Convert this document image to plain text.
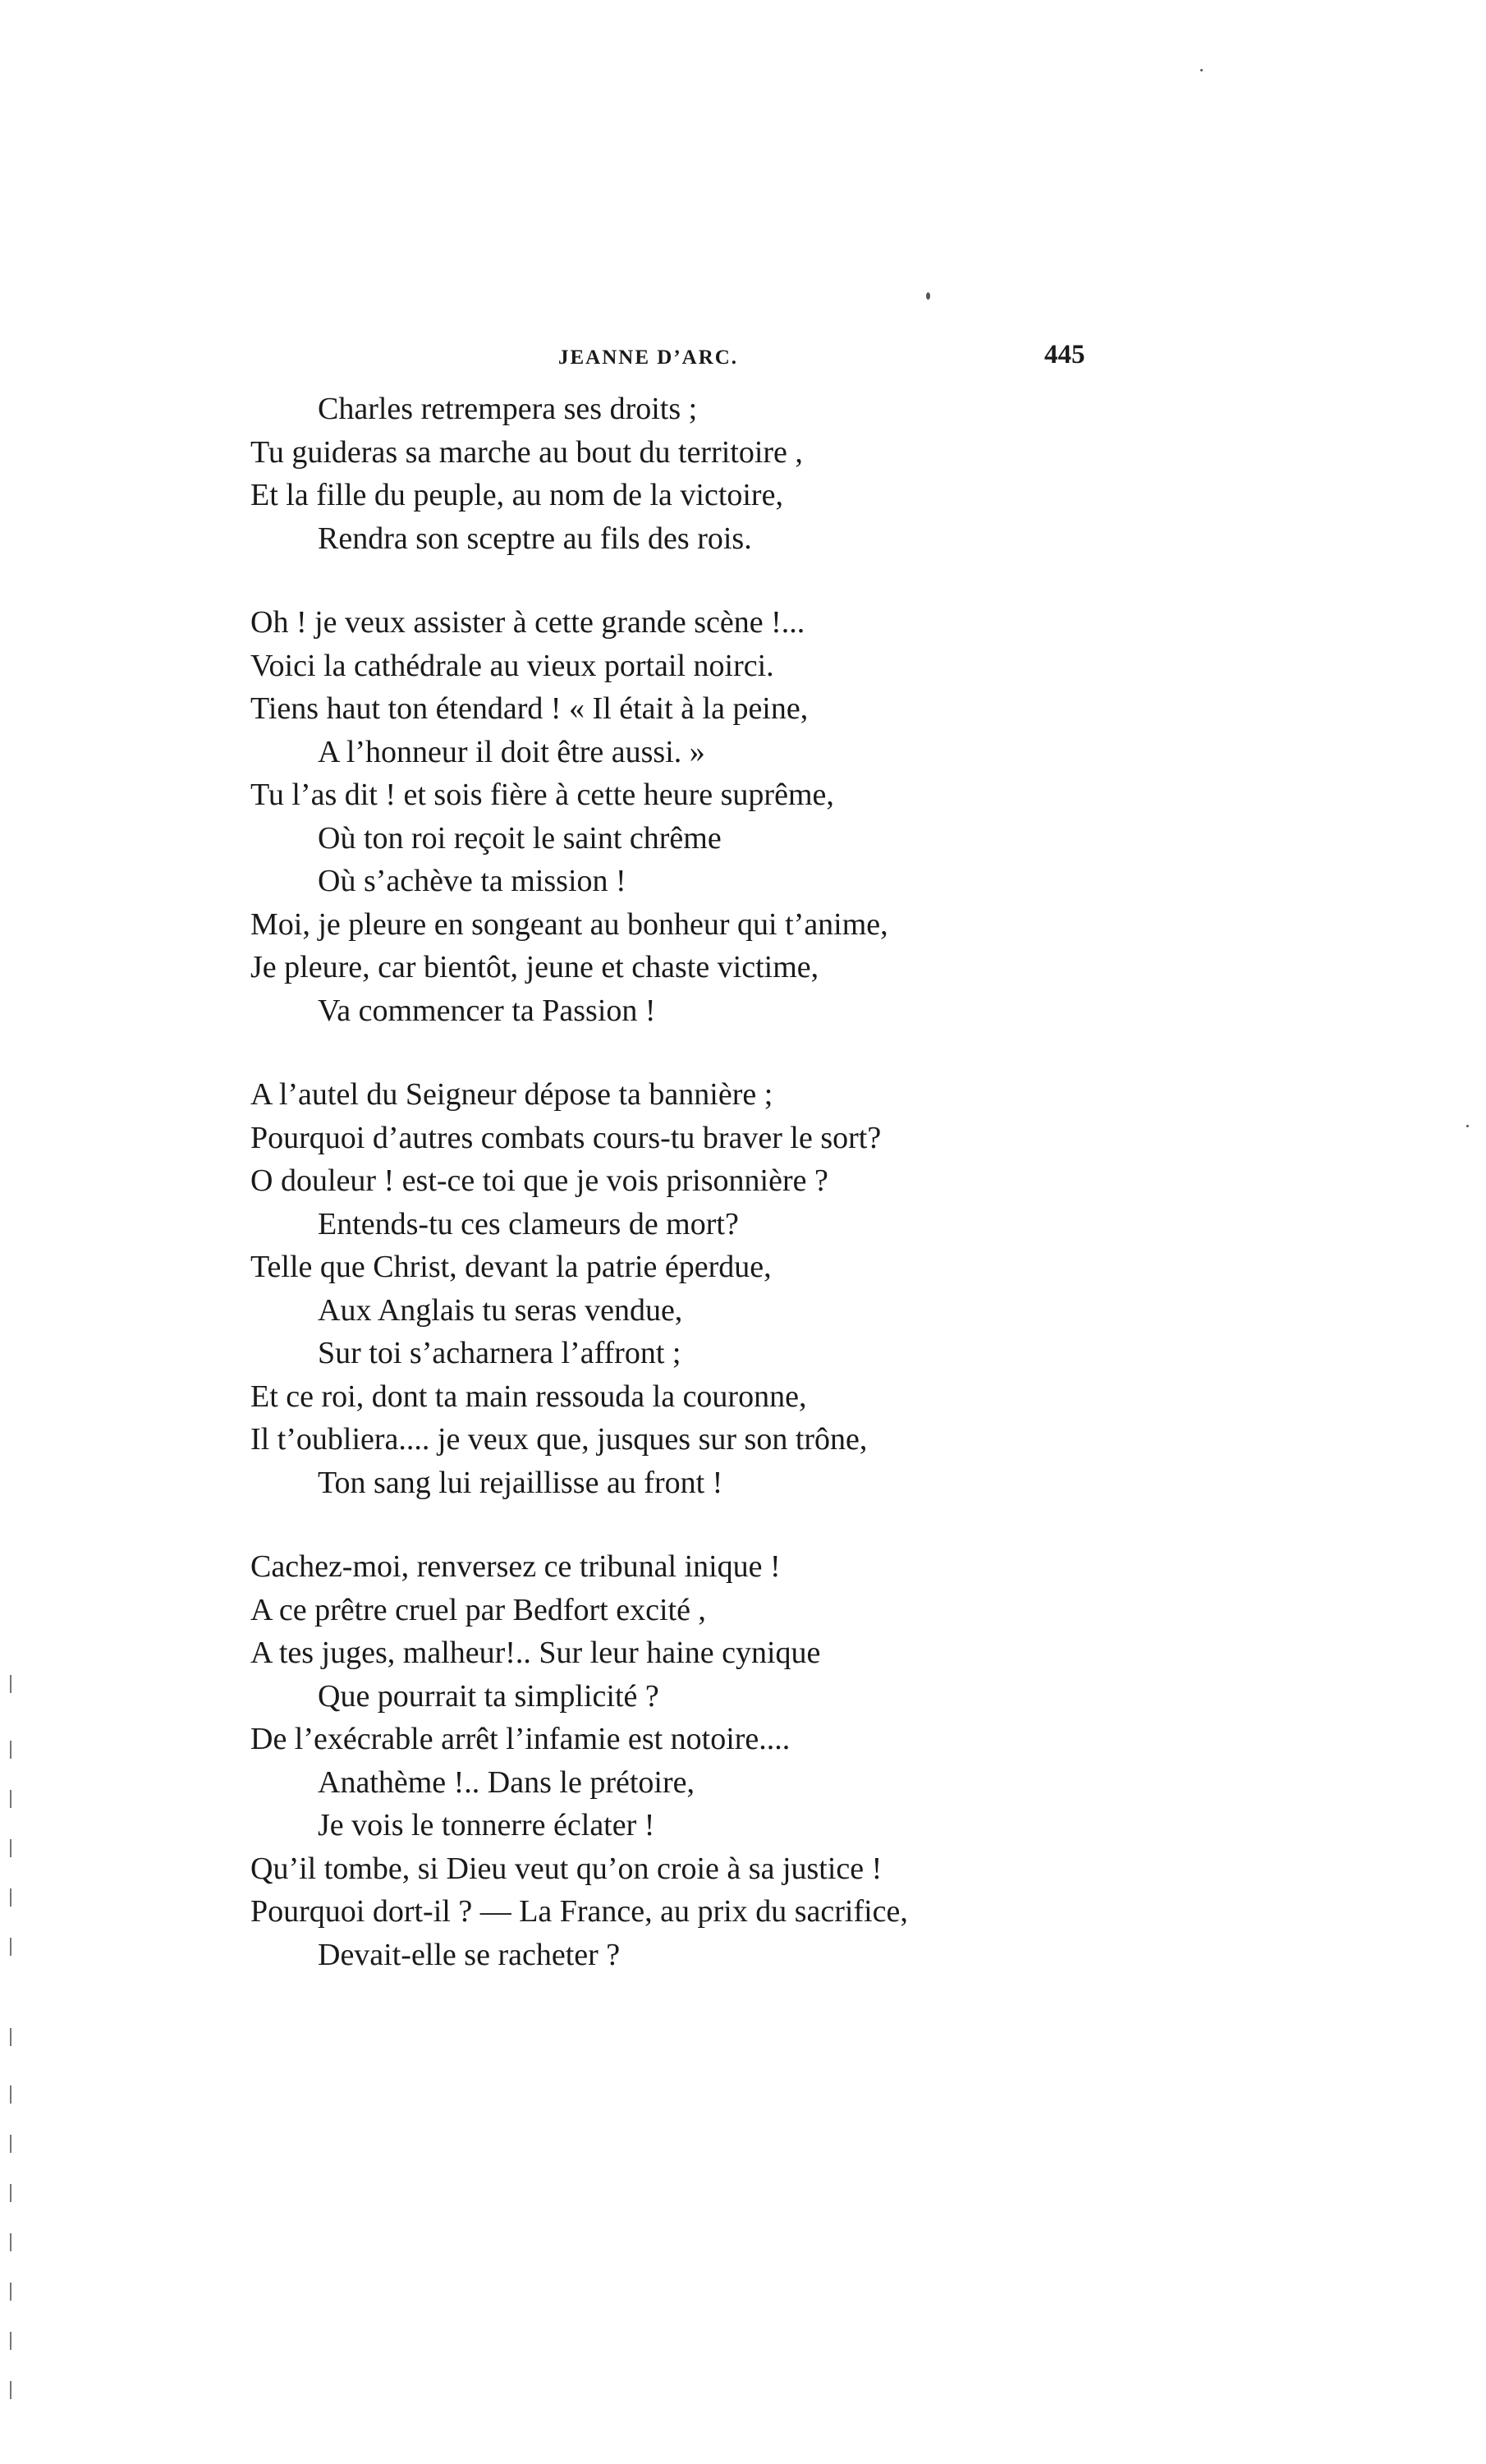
JEANNE D’ARC.	445
Charles retrempera ses droits ;
Tu guideras sa marche au bout du territoire ,
Et la fille du peuple, au nom de la victoire,
Rendra son sceptre au fils des rois.
Oh ! je veux assister à cette grande scène !...
Voici la cathédrale au vieux portail noirci.
Tiens haut ton étendard ! « Il était à la peine,
A l’honneur il doit être aussi. »
Tu l’as dit ! et sois fière à cette heure suprême,
Où ton roi reçoit le saint chrême
Où s’achève ta mission !
Moi, je pleure en songeant au bonheur qui t’anime,
Je pleure, car bientôt, jeune et chaste victime,
Va commencer ta Passion !
A l’autel du Seigneur dépose ta bannière ;
Pourquoi d’autres combats cours-tu braver le sort?
O douleur ! est-ce toi que je vois prisonnière ?
Entends-tu ces clameurs de mort?
Telle que Christ, devant la patrie éperdue,
Aux Anglais tu seras vendue,
Sur toi s’acharnera l’affront ;
Et ce roi, dont ta main ressouda la couronne,
Il t’oubliera.... je veux que, jusques sur son trône,
Ton sang lui rejaillisse au front !
Cachez-moi, renversez ce tribunal inique !
A ce prêtre cruel par Bedfort excité ,
A tes juges, malheur!.. Sur leur haine cynique
Que pourrait ta simplicité ?
De l’exécrable arrêt l’infamie est notoire....
Anathème !.. Dans le prétoire,
Je vois le tonnerre éclater !
Qu’il tombe, si Dieu veut qu’on croie à sa justice !
Pourquoi dort-il ? — La France, au prix du sacrifice,
Devait-elle se racheter ?
